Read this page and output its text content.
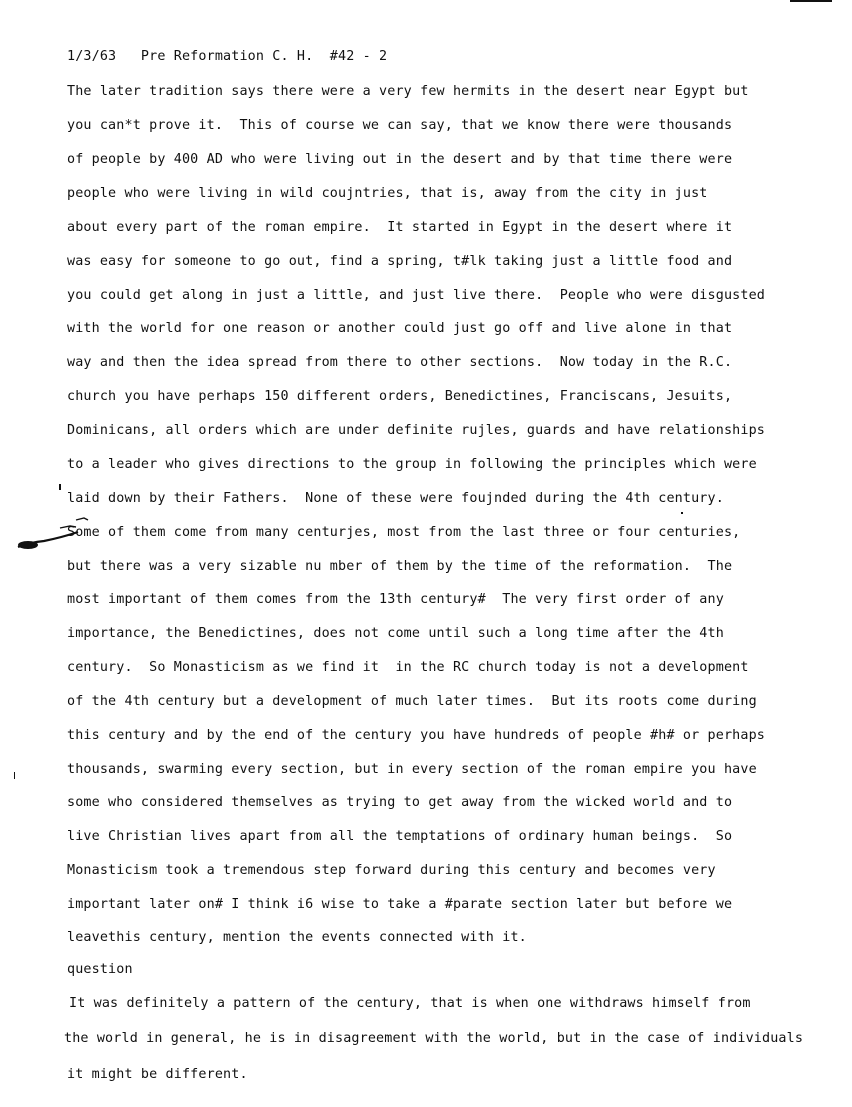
1/3/63   Pre Reformation C. H.  #42 - 2
The later tradition says there were a very few hermits in the desert near Egypt but
you can*t prove it.  This of course we can say, that we know there were thousands
of people by 400 AD who were living out in the desert and by that time there were
people who were living in wild coujntries, that is, away from the city in just
about every part of the roman empire.  It started in Egypt in the desert where it
was easy for someone to go out, find a spring, t#lk taking just a little food and
you could get along in just a little, and just live there.  People who were disgusted
with the world for one reason or another could just go off and live alone in that
way and then the idea spread from there to other sections.  Now today in the R.C.
church you have perhaps 150 different orders, Benedictines, Franciscans, Jesuits,
Dominicans, all orders which are under definite rujles, guards and have relationships
to a leader who gives directions to the group in following the principles which were
laid down by their Fathers.  None of these were foujnded during the 4th century.
Some of them come from many centurjes, most from the last three or four centuries,
but there was a very sizable nu mber of them by the time of the reformation.  The
most important of them comes from the 13th century#  The very first order of any
importance, the Benedictines, does not come until such a long time after the 4th
century.  So Monasticism as we find it  in the RC church today is not a development
of the 4th century but a development of much later times.  But its roots come during
this century and by the end of the century you have hundreds of people #h# or perhaps
thousands, swarming every section, but in every section of the roman empire you have
some who considered themselves as trying to get away from the wicked world and to
live Christian lives apart from all the temptations of ordinary human beings.  So
Monasticism took a tremendous step forward during this century and becomes very
important later on# I think i6 wise to take a #parate section later but before we
leavethis century, mention the events connected with it.
question
It was definitely a pattern of the century, that is when one withdraws himself from
the world in general, he is in disagreement with the world, but in the case of individuals
it might be different.
